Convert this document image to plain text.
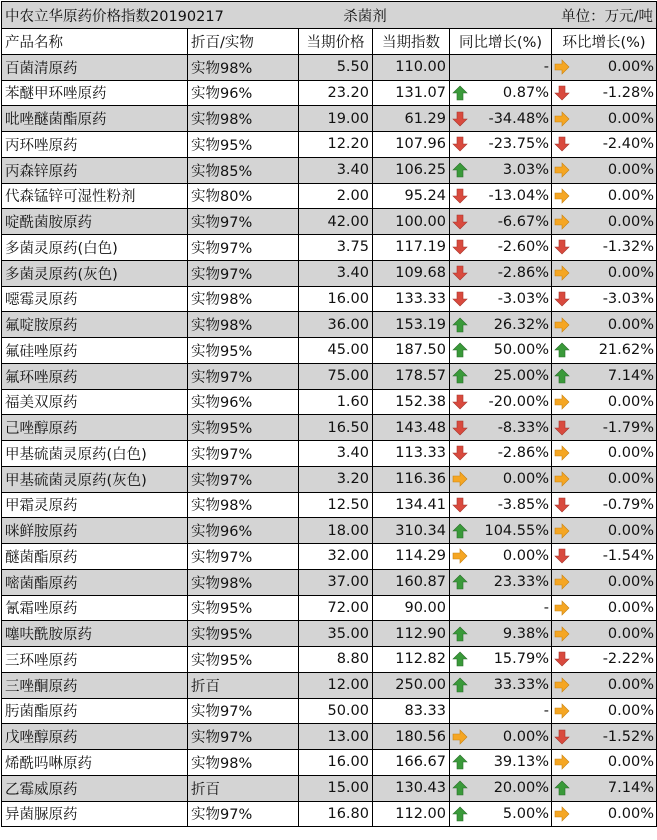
中农立华原药价格指数20190217	杀菌剂	单位：万元/吨
产品名称	折百/实物	当期价格	当期指数	同比增长(%)	环比增长(%)
百菌清原药	实物98%	5.50	110.00	-	0.00%
苯醚甲环唑原药	实物96%	23.20	131.07	0.87%	-1.28%
吡唑醚菌酯原药	实物98%	19.00	61.29	-34.48%	0.00%
丙环唑原药	实物95%	12.20	107.96	-23.75%	-2.40%
丙森锌原药	实物85%	3.40	106.25	3.03%	0.00%
代森锰锌可湿性粉剂	实物80%	2.00	95.24	-13.04%	0.00%
啶酰菌胺原药	实物97%	42.00	100.00	-6.67%	0.00%
多菌灵原药(白色)	实物97%	3.75	117.19	-2.60%	-1.32%
多菌灵原药(灰色)	实物97%	3.40	109.68	-2.86%	0.00%
噁霉灵原药	实物98%	16.00	133.33	-3.03%	-3.03%
氟啶胺原药	实物98%	36.00	153.19	26.32%	0.00%
氟硅唑原药	实物95%	45.00	187.50	50.00%	21.62%
氟环唑原药	实物97%	75.00	178.57	25.00%	7.14%
福美双原药	实物96%	1.60	152.38	-20.00%	0.00%
己唑醇原药	实物95%	16.50	143.48	-8.33%	-1.79%
甲基硫菌灵原药(白色)	实物97%	3.40	113.33	-2.86%	0.00%
甲基硫菌灵原药(灰色)	实物97%	3.20	116.36	0.00%	0.00%
甲霜灵原药	实物98%	12.50	134.41	-3.85%	-0.79%
咪鲜胺原药	实物96%	18.00	310.34	104.55%	0.00%
醚菌酯原药	实物97%	32.00	114.29	0.00%	-1.54%
嘧菌酯原药	实物98%	37.00	160.87	23.33%	0.00%
氰霜唑原药	实物95%	72.00	90.00	-	0.00%
噻呋酰胺原药	实物95%	35.00	112.90	9.38%	0.00%
三环唑原药	实物95%	8.80	112.82	15.79%	-2.22%
三唑酮原药	折百	12.00	250.00	33.33%	0.00%
肟菌酯原药	实物97%	50.00	83.33	-	0.00%
戊唑醇原药	实物97%	13.00	180.56	0.00%	-1.52%
烯酰吗啉原药	实物98%	16.00	166.67	39.13%	0.00%
乙霉威原药	折百	15.00	130.43	20.00%	7.14%
异菌脲原药	实物97%	16.80	112.00	5.00%	0.00%
